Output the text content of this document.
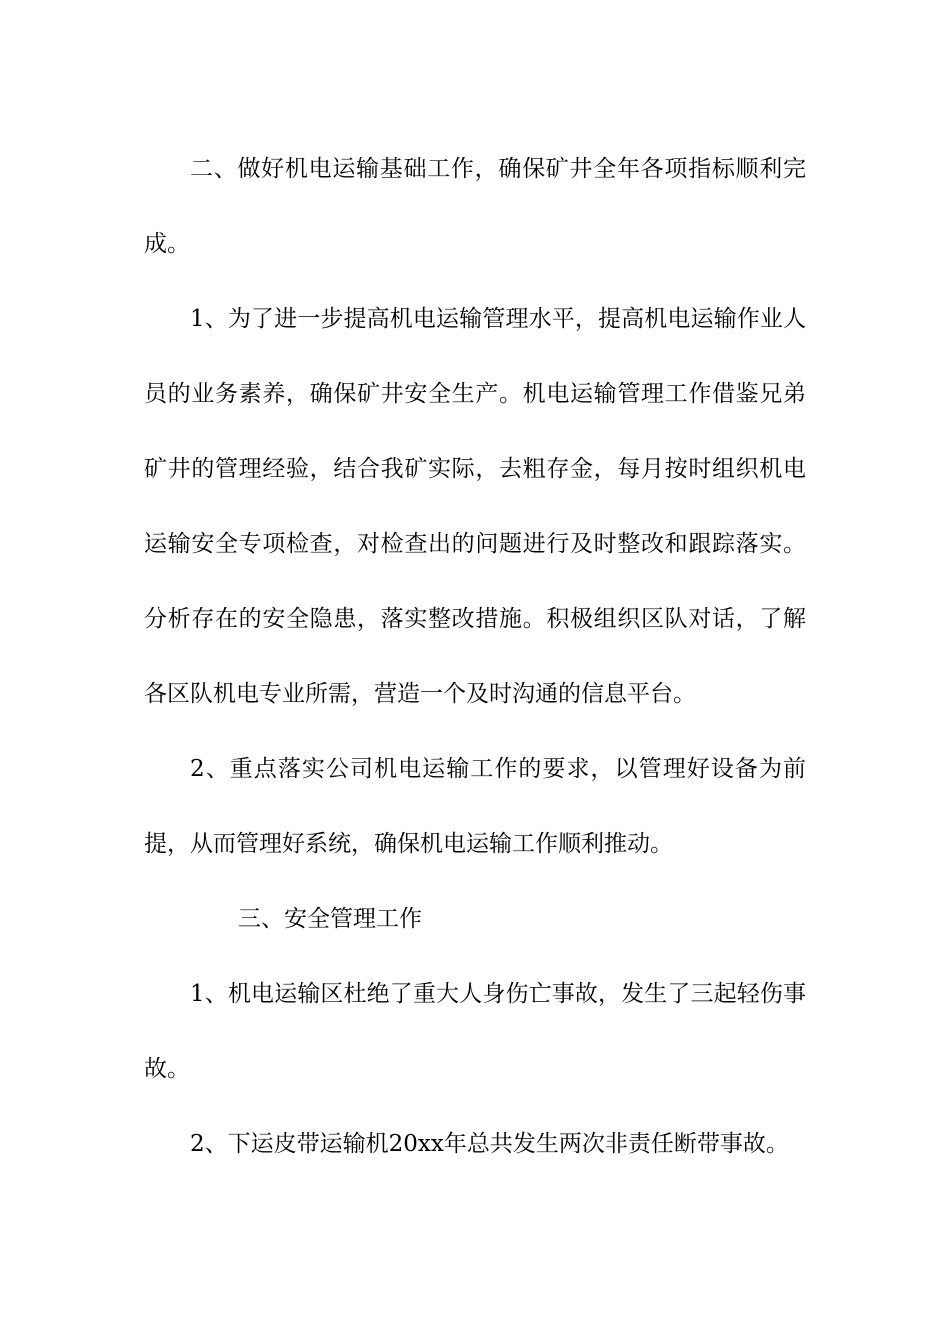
二、做好机电运输基础工作，确保矿井全年各项指标顺利完成。

1、为了进一步提高机电运输管理水平，提高机电运输作业人员的业务素养，确保矿井安全生产。机电运输管理工作借鉴兄弟矿井的管理经验，结合我矿实际，去粗存金，每月按时组织机电运输安全专项检查，对检查出的问题进行及时整改和跟踪落实。分析存在的安全隐患，落实整改措施。积极组织区队对话，了解各区队机电专业所需，营造一个及时沟通的信息平台。

2、重点落实公司机电运输工作的要求，以管理好设备为前提，从而管理好系统，确保机电运输工作顺利推动。

三、安全管理工作

1、机电运输区杜绝了重大人身伤亡事故，发生了三起轻伤事故。

2、下运皮带运输机20xx年总共发生两次非责任断带事故。
